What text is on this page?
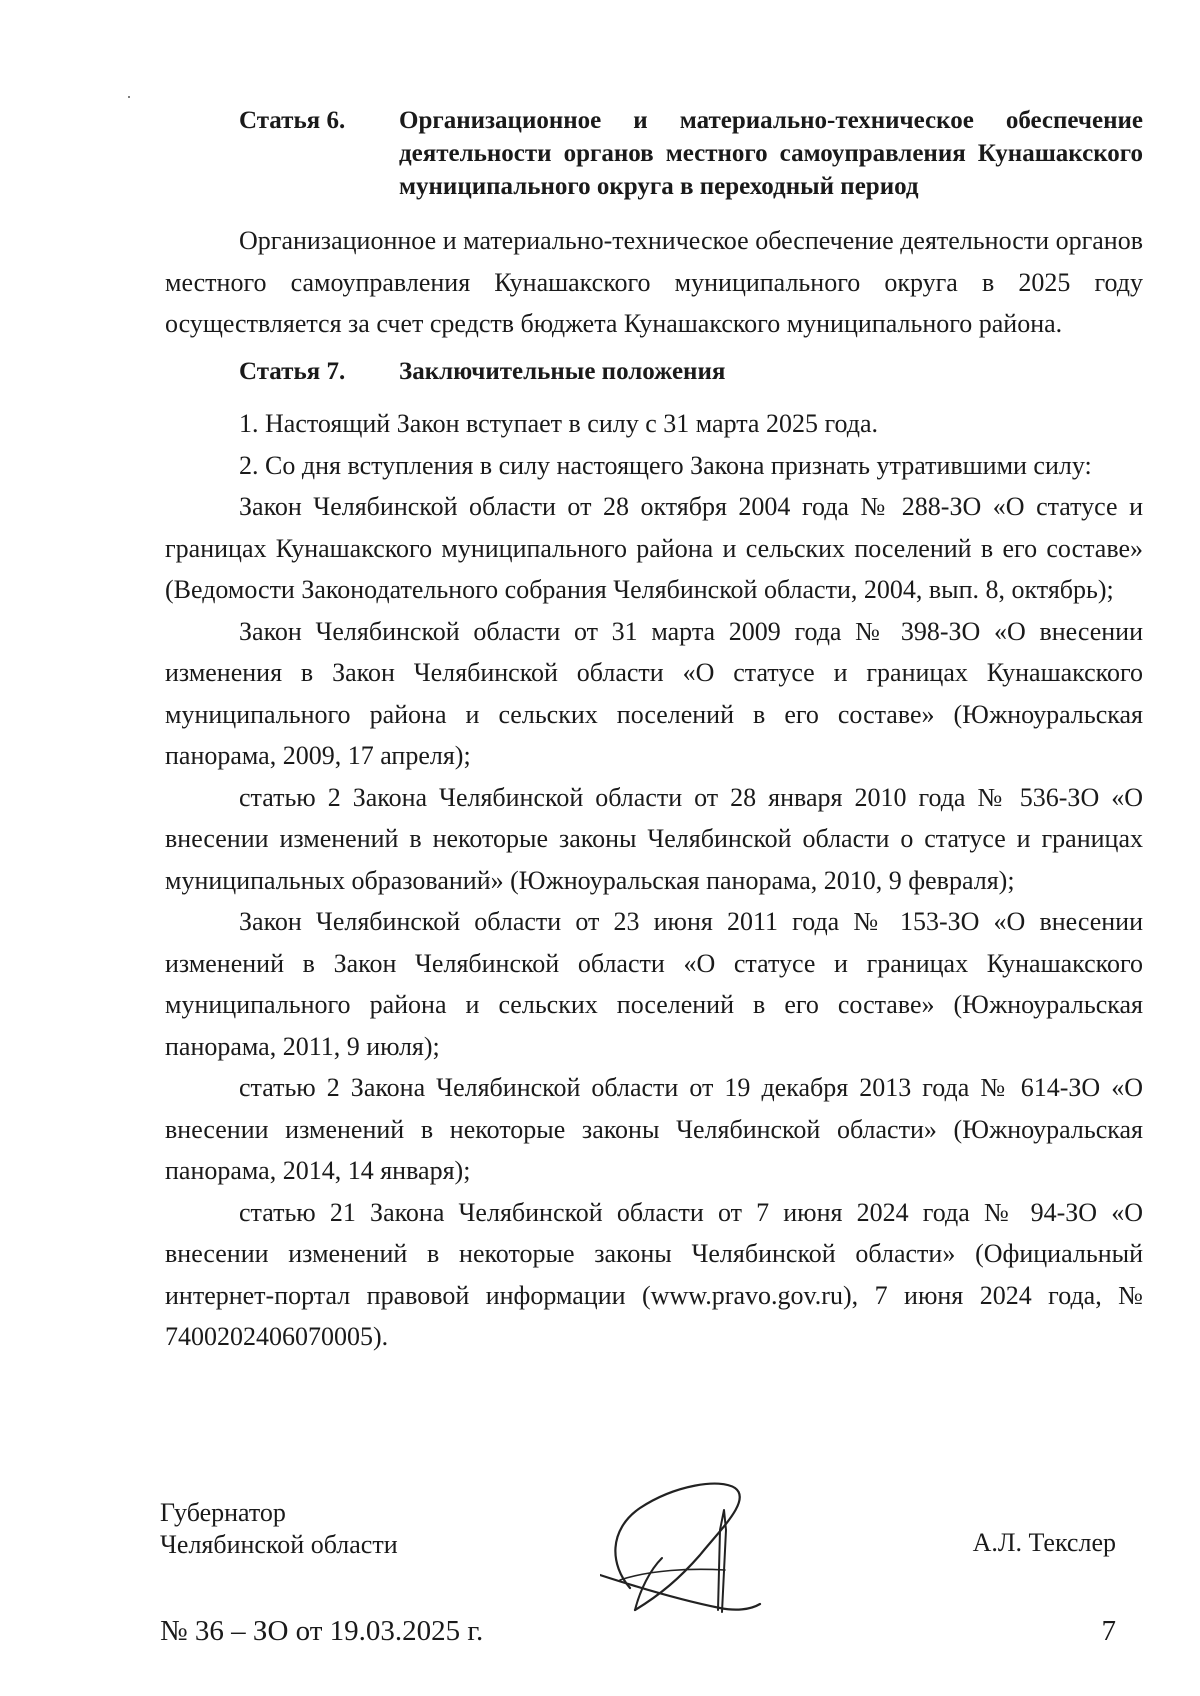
Статья 6.	Организационное и материально-техническое обеспечение деятельности органов местного самоуправления Кунашакского муниципального округа в переходный период

Организационное и материально-техническое обеспечение деятельности органов местного самоуправления Кунашакского муниципального округа в 2025 году осуществляется за счет средств бюджета Кунашакского муниципального района.

Статья 7.	Заключительные положения

1. Настоящий Закон вступает в силу с 31 марта 2025 года.

2. Со дня вступления в силу настоящего Закона признать утратившими силу:

Закон Челябинской области от 28 октября 2004 года № 288-ЗО «О статусе и границах Кунашакского муниципального района и сельских поселений в его составе» (Ведомости Законодательного собрания Челябинской области, 2004, вып. 8, октябрь);

Закон Челябинской области от 31 марта 2009 года № 398-ЗО «О внесении изменения в Закон Челябинской области «О статусе и границах Кунашакского муниципального района и сельских поселений в его составе» (Южноуральская панорама, 2009, 17 апреля);

статью 2 Закона Челябинской области от 28 января 2010 года № 536-ЗО «О внесении изменений в некоторые законы Челябинской области о статусе и границах муниципальных образований» (Южноуральская панорама, 2010, 9 февраля);

Закон Челябинской области от 23 июня 2011 года № 153-ЗО «О внесении изменений в Закон Челябинской области «О статусе и границах Кунашакского муниципального района и сельских поселений в его составе» (Южноуральская панорама, 2011, 9 июля);

статью 2 Закона Челябинской области от 19 декабря 2013 года № 614-ЗО «О внесении изменений в некоторые законы Челябинской области» (Южноуральская панорама, 2014, 14 января);

статью 21 Закона Челябинской области от 7 июня 2024 года № 94-ЗО «О внесении изменений в некоторые законы Челябинской области» (Официальный интернет-портал правовой информации (www.pravo.gov.ru), 7 июня 2024 года, № 7400202406070005).

Губернатор
Челябинской области	А.Л. Текслер
№ 36 – ЗО от 19.03.2025 г.	7
